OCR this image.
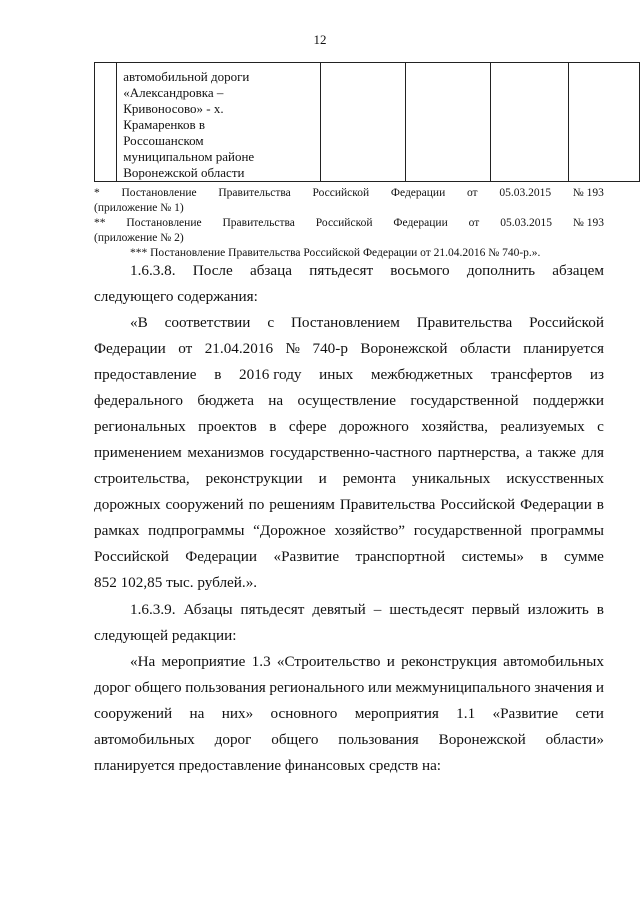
12

автомобильной дороги
«Александровка –
Кривоносово» - х.
Крамаренков в
Россошанском
муниципальном районе
Воронежской области

* Постановление Правительства Российской Федерации от 05.03.2015 № 193
(приложение № 1)
** Постановление Правительства Российской Федерации от 05.03.2015 № 193
(приложение № 2)
*** Постановление Правительства Российской Федерации от 21.04.2016 № 740-р.».
1.6.3.8. После абзаца пятьдесят восьмого дополнить абзацем
следующего содержания:
«В соответствии с Постановлением Правительства Российской
Федерации от 21.04.2016 № 740-р Воронежской области планируется
предоставление в 2016 году иных межбюджетных трансфертов из
федерального бюджета на осуществление государственной поддержки
региональных проектов в сфере дорожного хозяйства, реализуемых с
применением механизмов государственно-частного партнерства, а также для
строительства, реконструкции и ремонта уникальных искусственных
дорожных сооружений по решениям Правительства Российской Федерации в
рамках подпрограммы “Дорожное хозяйство” государственной программы
Российской Федерации «Развитие транспортной системы» в сумме
852 102,85 тыс. рублей.».
1.6.3.9. Абзацы пятьдесят девятый – шестьдесят первый изложить в
следующей редакции:
«На мероприятие 1.3 «Строительство и реконструкция автомобильных
дорог общего пользования регионального или межмуниципального значения и
сооружений на них» основного мероприятия 1.1 «Развитие сети
автомобильных дорог общего пользования Воронежской области»
планируется предоставление финансовых средств на:
